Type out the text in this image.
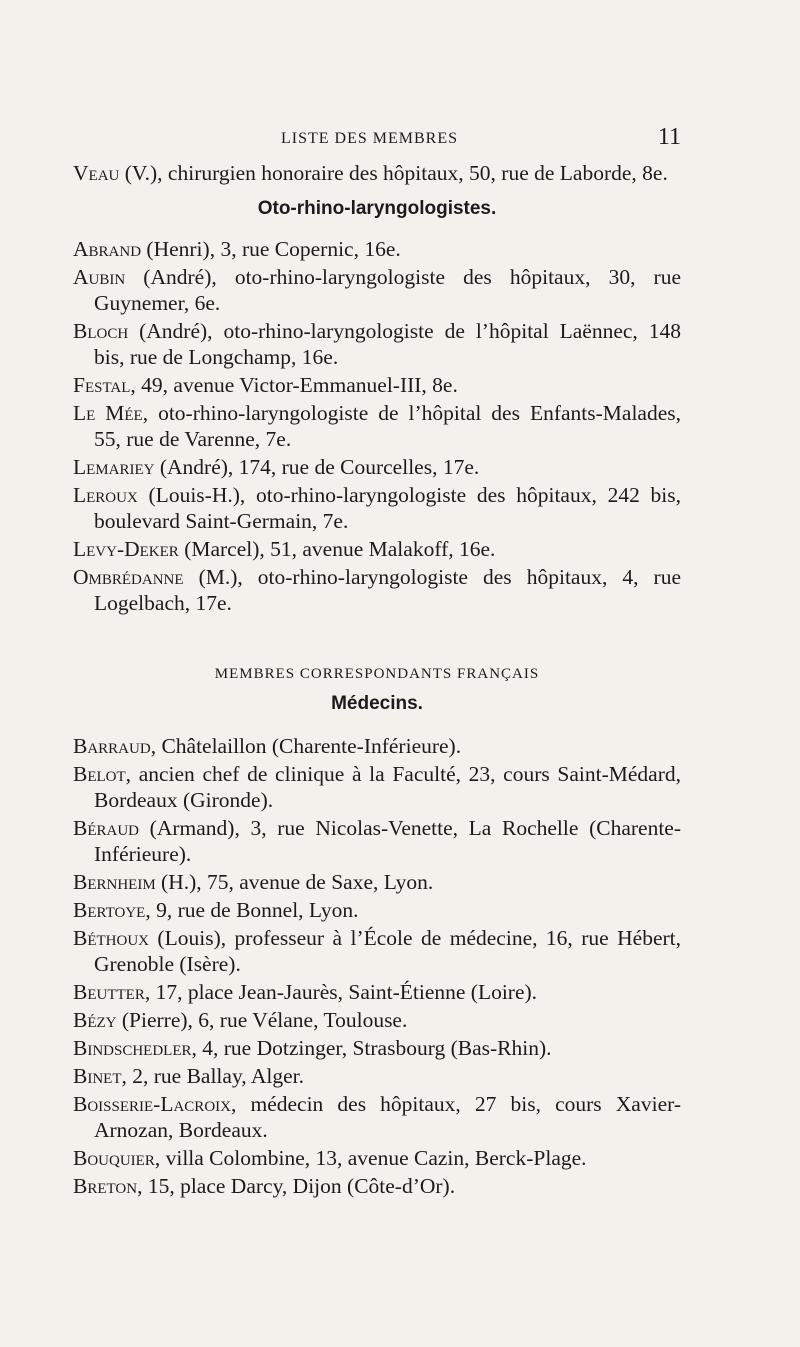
LISTE DES MEMBRES	11

Veau (V.), chirurgien honoraire des hôpitaux, 50, rue de Laborde, 8e.

Oto-rhino-laryngologistes.

Abrand (Henri), 3, rue Copernic, 16e.

Aubin (André), oto-rhino-laryngologiste des hôpitaux, 30, rue Guynemer, 6e.

Bloch (André), oto-rhino-laryngologiste de l’hôpital Laënnec, 148 bis, rue de Longchamp, 16e.

Festal, 49, avenue Victor-Emmanuel-III, 8e.

Le Mée, oto-rhino-laryngologiste de l’hôpital des Enfants-Malades, 55, rue de Varenne, 7e.

Lemariey (André), 174, rue de Courcelles, 17e.

Leroux (Louis-H.), oto-rhino-laryngologiste des hôpitaux, 242 bis, boulevard Saint-Germain, 7e.

Levy-Deker (Marcel), 51, avenue Malakoff, 16e.

Ombrédanne (M.), oto-rhino-laryngologiste des hôpitaux, 4, rue Logelbach, 17e.

MEMBRES CORRESPONDANTS FRANÇAIS
Médecins.

Barraud, Châtelaillon (Charente-Inférieure).

Belot, ancien chef de clinique à la Faculté, 23, cours Saint-Médard, Bordeaux (Gironde).

Béraud (Armand), 3, rue Nicolas-Venette, La Rochelle (Charente-Inférieure).

Bernheim (H.), 75, avenue de Saxe, Lyon.

Bertoye, 9, rue de Bonnel, Lyon.

Béthoux (Louis), professeur à l’École de médecine, 16, rue Hébert, Grenoble (Isère).

Beutter, 17, place Jean-Jaurès, Saint-Étienne (Loire).

Bézy (Pierre), 6, rue Vélane, Toulouse.

Bindschedler, 4, rue Dotzinger, Strasbourg (Bas-Rhin).

Binet, 2, rue Ballay, Alger.

Boisserie-Lacroix, médecin des hôpitaux, 27 bis, cours Xavier-Arnozan, Bordeaux.

Bouquier, villa Colombine, 13, avenue Cazin, Berck-Plage.

Breton, 15, place Darcy, Dijon (Côte-d’Or).
